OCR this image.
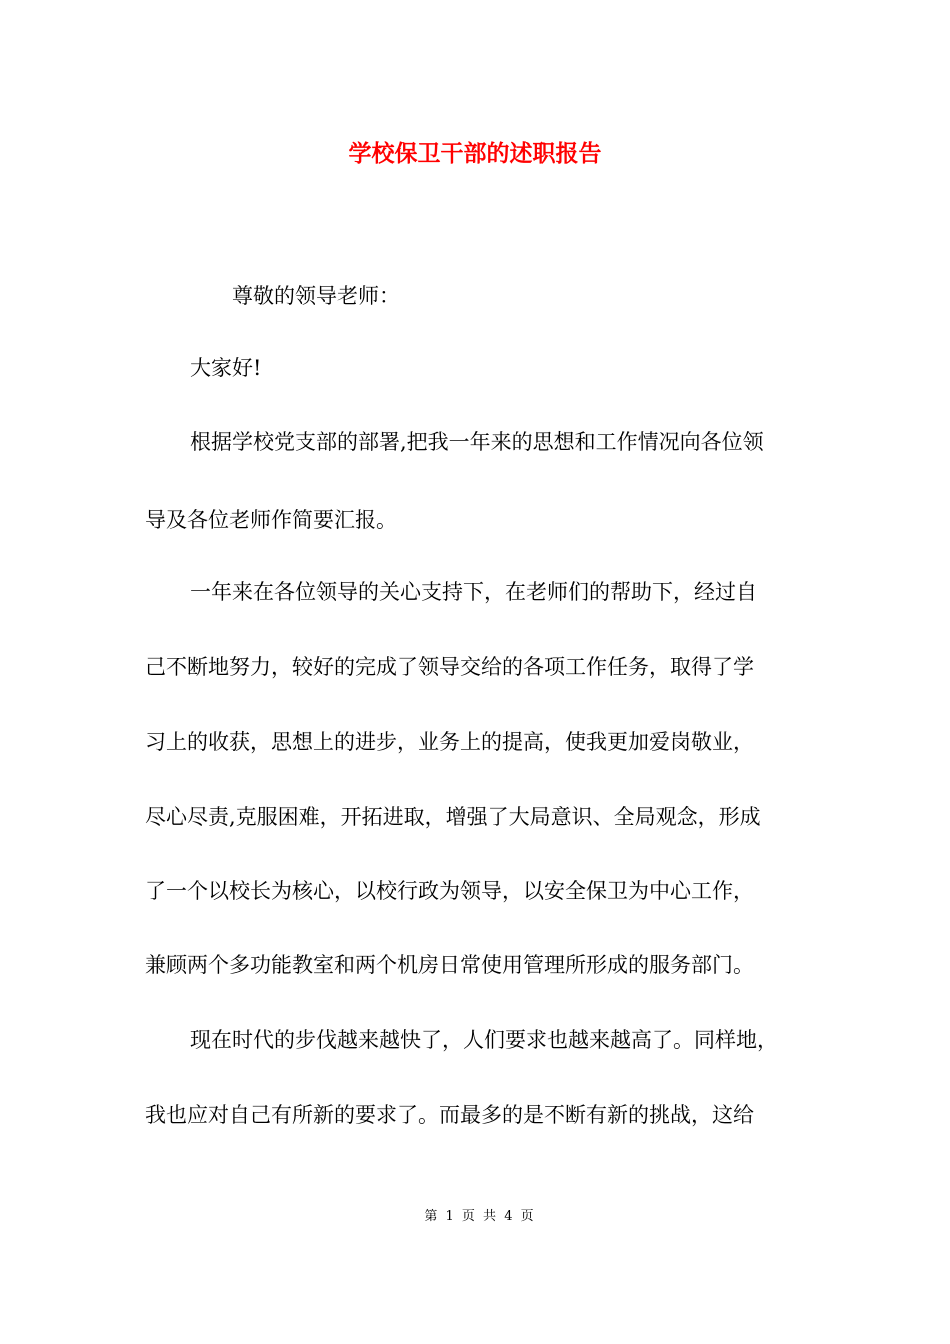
学校保卫干部的述职报告
尊敬的领导老师：
大家好!
根据学校党支部的部署,把我一年来的思想和工作情况向各位领
导及各位老师作简要汇报。
一年来在各位领导的关心支持下，在老师们的帮助下，经过自
己不断地努力，较好的完成了领导交给的各项工作任务，取得了学
习上的收获，思想上的进步，业务上的提高，使我更加爱岗敬业，
尽心尽责,克服困难，开拓进取，增强了大局意识、全局观念，形成
了一个以校长为核心，以校行政为领导，以安全保卫为中心工作，
兼顾两个多功能教室和两个机房日常使用管理所形成的服务部门。
现在时代的步伐越来越快了，人们要求也越来越高了。同样地，
我也应对自己有所新的要求了。而最多的是不断有新的挑战，这给
第 1 页 共 4 页
